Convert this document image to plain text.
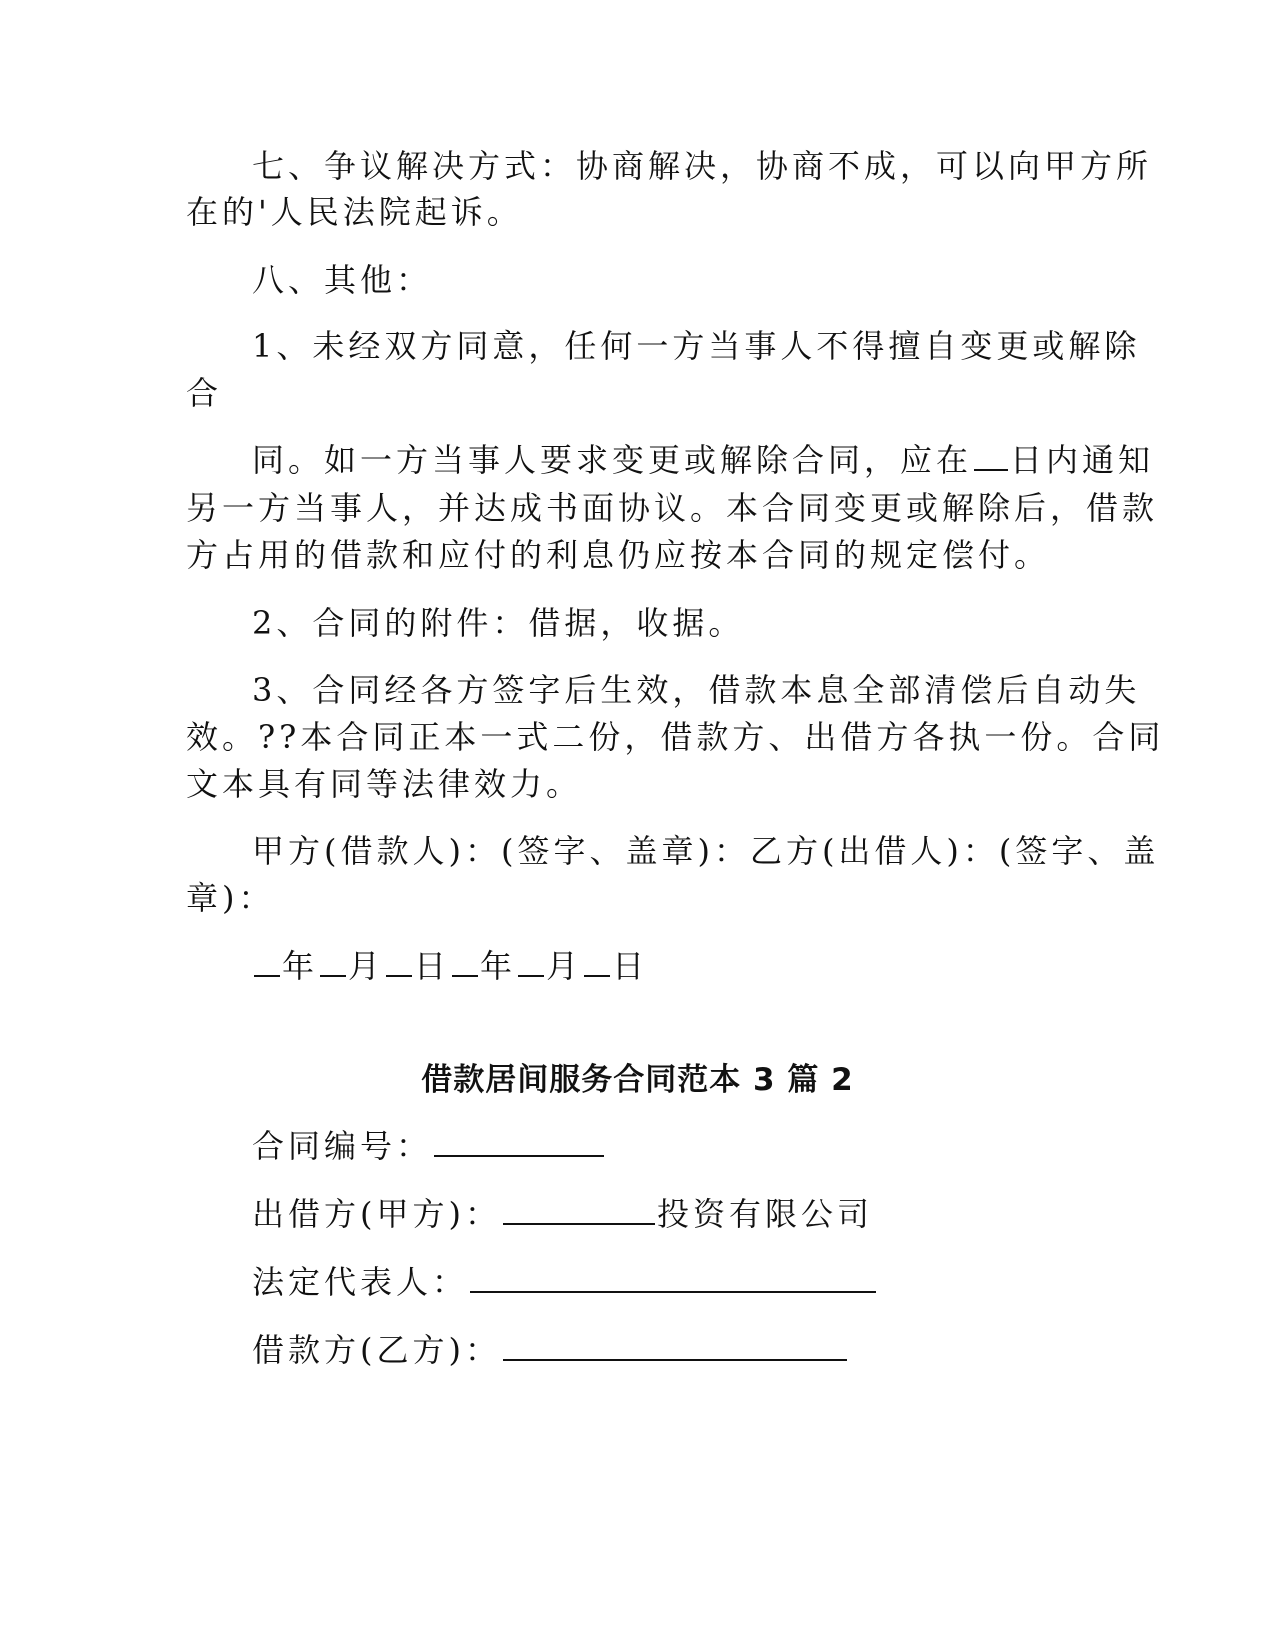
七、争议解决方式：协商解决，协商不成，可以向甲方所
在的'人民法院起诉。
八、其他：
1、未经双方同意，任何一方当事人不得擅自变更或解除
合
同。如一方当事人要求变更或解除合同，应在 日内通知
另一方当事人，并达成书面协议。本合同变更或解除后，借款
方占用的借款和应付的利息仍应按本合同的规定偿付。
2、合同的附件：借据，收据。
3、合同经各方签字后生效，借款本息全部清偿后自动失
效。??本合同正本一式二份，借款方、出借方各执一份。合同
文本具有同等法律效力。
甲方(借款人)：(签字、盖章)：乙方(出借人)：(签字、盖
章)：
年 月 日 年 月 日
借款居间服务合同范本 3 篇 2
合同编号：
出借方(甲方)：	投资有限公司
法定代表人：
借款方(乙方)：
